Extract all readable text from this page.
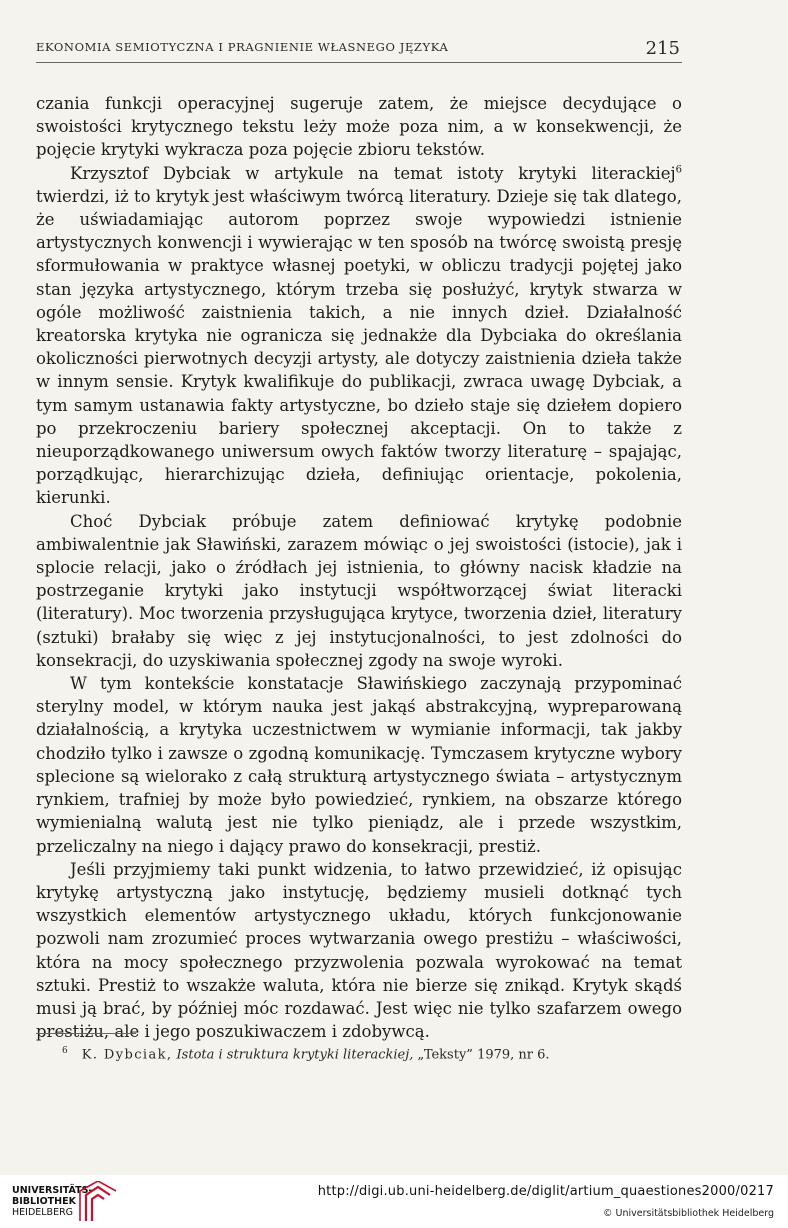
EKONOMIA SEMIOTYCZNA I PRAGNIENIE WŁASNEGO JĘZYKA	215

czania funkcji operacyjnej sugeruje zatem, że miejsce decydujące o swoistości krytycznego tekstu leży może poza nim, a w konsekwencji, że pojęcie krytyki wykracza poza pojęcie zbioru tekstów.

Krzysztof Dybciak w artykule na temat istoty krytyki literackiej$^6$ twierdzi, iż to krytyk jest właściwym twórcą literatury. Dzieje się tak dlatego, że uświadamiając autorom poprzez swoje wypowiedzi istnienie artystycznych konwencji i wywierając w ten sposób na twórcę swoistą presję sformułowania w praktyce własnej poetyki, w obliczu tradycji pojętej jako stan języka artystycznego, którym trzeba się posłużyć, krytyk stwarza w ogóle możliwość zaistnienia takich, a nie innych dzieł. Działalność kreatorska krytyka nie ogranicza się jednakże dla Dybciaka do określania okoliczności pierwotnych decyzji artysty, ale dotyczy zaistnienia dzieła także w innym sensie. Krytyk kwalifikuje do publikacji, zwraca uwagę Dybciak, a tym samym ustanawia fakty artystyczne, bo dzieło staje się dziełem dopiero po przekroczeniu bariery społecznej akceptacji. On to także z nieuporządkowanego uniwersum owych faktów tworzy literaturę – spajając, porządkując, hierarchizując dzieła, definiując orientacje, pokolenia, kierunki.

Choć Dybciak próbuje zatem definiować krytykę podobnie ambiwalentnie jak Sławiński, zarazem mówiąc o jej swoistości (istocie), jak i splocie relacji, jako o źródłach jej istnienia, to główny nacisk kładzie na postrzeganie krytyki jako instytucji współtworzącej świat literacki (literatury). Moc tworzenia przysługująca krytyce, tworzenia dzieł, literatury (sztuki) brałaby się więc z jej instytucjonalności, to jest zdolności do konsekracji, do uzyskiwania społecznej zgody na swoje wyroki.

W tym kontekście konstatacje Sławińskiego zaczynają przypominać sterylny model, w którym nauka jest jakąś abstrakcyjną, wypreparowaną działalnością, a krytyka uczestnictwem w wymianie informacji, tak jakby chodziło tylko i zawsze o zgodną komunikację. Tymczasem krytyczne wybory splecione są wielorako z całą strukturą artystycznego świata – artystycznym rynkiem, trafniej by może było powiedzieć, rynkiem, na obszarze którego wymienialną walutą jest nie tylko pieniądz, ale i przede wszystkim, przeliczalny na niego i dający prawo do konsekracji, prestiż.

Jeśli przyjmiemy taki punkt widzenia, to łatwo przewidzieć, iż opisując krytykę artystyczną jako instytucję, będziemy musieli dotknąć tych wszystkich elementów artystycznego układu, których funkcjonowanie pozwoli nam zrozumieć proces wytwarzania owego prestiżu – właściwości, która na mocy społecznego przyzwolenia pozwala wyrokować na temat sztuki. Prestiż to wszakże waluta, która nie bierze się znikąd. Krytyk skądś musi ją brać, by później móc rozdawać. Jest więc nie tylko szafarzem owego prestiżu, ale i jego poszukiwaczem i zdobywcą.

$^6$ K. Dybciak, Istota i struktura krytyki literackiej, „Teksty” 1979, nr 6.
UNIVERSITÄTS-
BIBLIOTHEK
HEIDELBERG
http://digi.ub.uni-heidelberg.de/diglit/artium_quaestiones2000/0217
© Universitätsbibliothek Heidelberg
